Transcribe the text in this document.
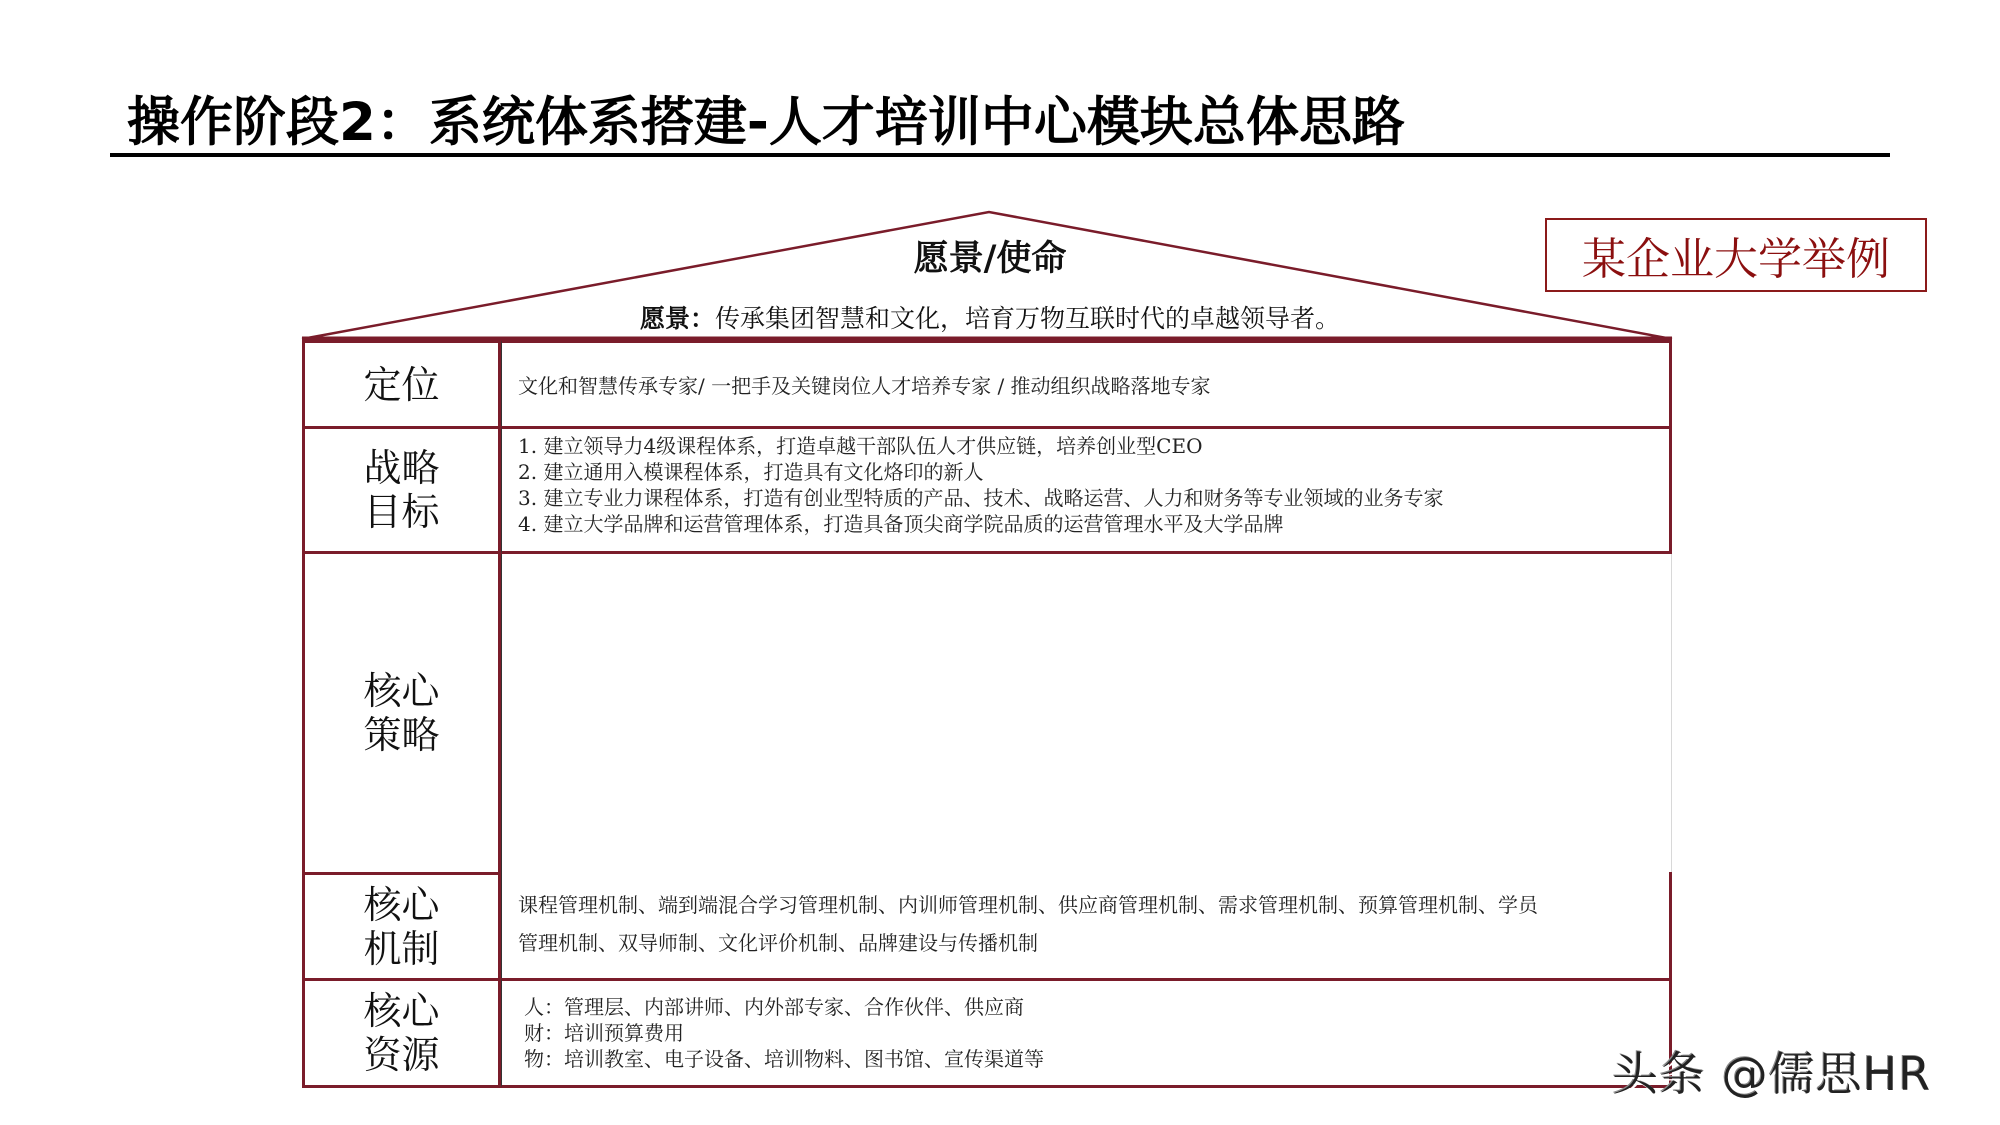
操作阶段2：系统体系搭建-人才培训中心模块总体思路
某企业大学举例
愿景/使命
愿景：传承集团智慧和文化，培育万物互联时代的卓越领导者。
定位	文化和智慧传承专家/ 一把手及关键岗位人才培养专家 / 推动组织战略落地专家
战略
目标
1. 建立领导力4级课程体系，打造卓越干部队伍人才供应链，培养创业型CEO
2. 建立通用入模课程体系，打造具有文化烙印的新人
3. 建立专业力课程体系，打造有创业型特质的产品、技术、战略运营、人力和财务等专业领域的业务专家
4. 建立大学品牌和运营管理体系，打造具备顶尖商学院品质的运营管理水平及大学品牌
核心
策略
核心
机制
课程管理机制、端到端混合学习管理机制、内训师管理机制、供应商管理机制、需求管理机制、预算管理机制、学员
管理机制、双导师制、文化评价机制、品牌建设与传播机制
核心
资源
人：管理层、内部讲师、内外部专家、合作伙伴、供应商
财：培训预算费用
物：培训教室、电子设备、培训物料、图书馆、宣传渠道等	头条 @儒思HR
